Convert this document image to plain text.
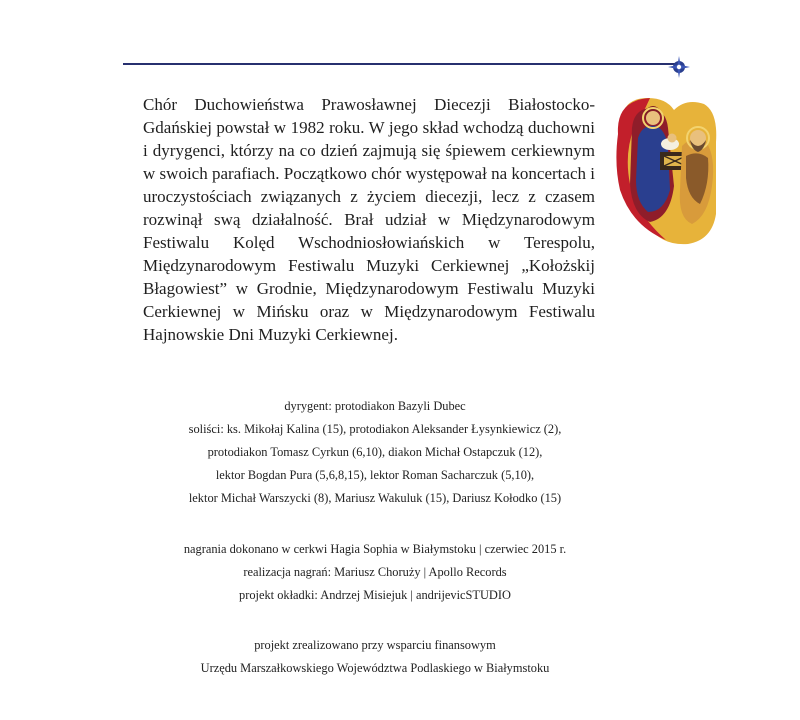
Chór Duchowieństwa Prawosławnej Diecezji Białostocko-Gdańskiej powstał w 1982 roku. W jego skład wchodzą duchowni i dyrygenci, którzy na co dzień zajmują się śpiewem cerkiewnym w swoich parafiach. Początkowo chór występował na koncertach i uroczystościach związanych z życiem diecezji, lecz z czasem rozwinął swą działalność. Brał udział w Międzynarodowym Festiwalu Kolęd Wschodniosłowiańskich w Terespolu, Międzynarodowym Festiwalu Muzyki Cerkiewnej „Kołożskij Błagowiest” w Grodnie, Międzynarodowym Festiwalu Muzyki Cerkiewnej w Mińsku oraz w Międzynarodowym Festiwalu Hajnowskie Dni Muzyki Cerkiewnej.

dyrygent: protodiakon Bazyli Dubec
soliści: ks. Mikołaj Kalina (15), protodiakon Aleksander Łysynkiewicz (2),
protodiakon Tomasz Cyrkun (6,10), diakon Michał Ostapczuk (12),
lektor Bogdan Pura (5,6,8,15), lektor Roman Sacharczuk (5,10),
lektor Michał Warszycki (8), Mariusz Wakuluk (15), Dariusz Kołodko (15)
nagrania dokonano w cerkwi Hagia Sophia w Białymstoku | czerwiec 2015 r.
realizacja nagrań: Mariusz Choruży | Apollo Records
projekt okładki: Andrzej Misiejuk | andrijevicSTUDIO
projekt zrealizowano przy wsparciu finansowym
Urzędu Marszałkowskiego Województwa Podlaskiego w Białymstoku
